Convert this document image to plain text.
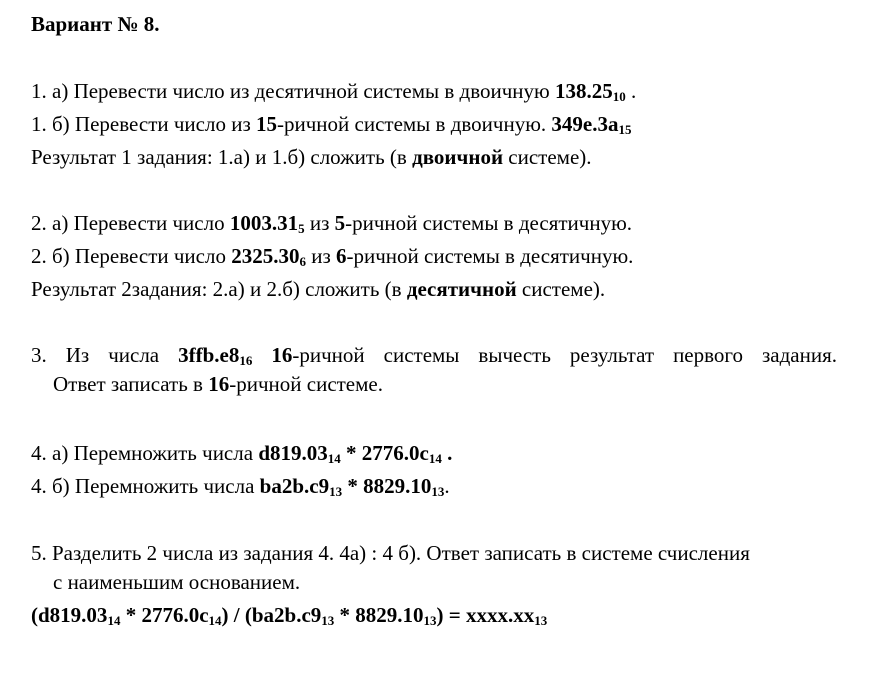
Вариант № 8.
1. а) Перевести число из десятичной системы в двоичную $138.25_{10}$ .
1. б) Перевести число из 15-ричной системы в двоичную. $349e.3a_{15}$
Результат 1 задания: 1.а) и 1.б) сложить (в двоичной системе).
2. а) Перевести число $1003.31_5$ из 5-ричной системы в десятичную.
2. б) Перевести число $2325.30_6$ из 6-ричной системы в десятичную.
Результат 2задания: 2.а) и 2.б) сложить (в десятичной системе).
3. Из числа $3ffb.e8_{16}$ 16-ричной системы вычесть результат первого задания.
Ответ записать в 16-ричной системе.
4. а) Перемножить числа $d819.03_{14} * 2776.0c_{14}$ .
4. б) Перемножить числа $ba2b.c9_{13} * 8829.10_{13}$.
5. Разделить 2 числа из задания 4. 4а) : 4 б). Ответ записать в системе счисления
с наименьшим основанием.
$(d819.03_{14} * 2776.0c_{14}) / (ba2b.c9_{13} * 8829.10_{13})$ = $xxxx.xx_{13}$
